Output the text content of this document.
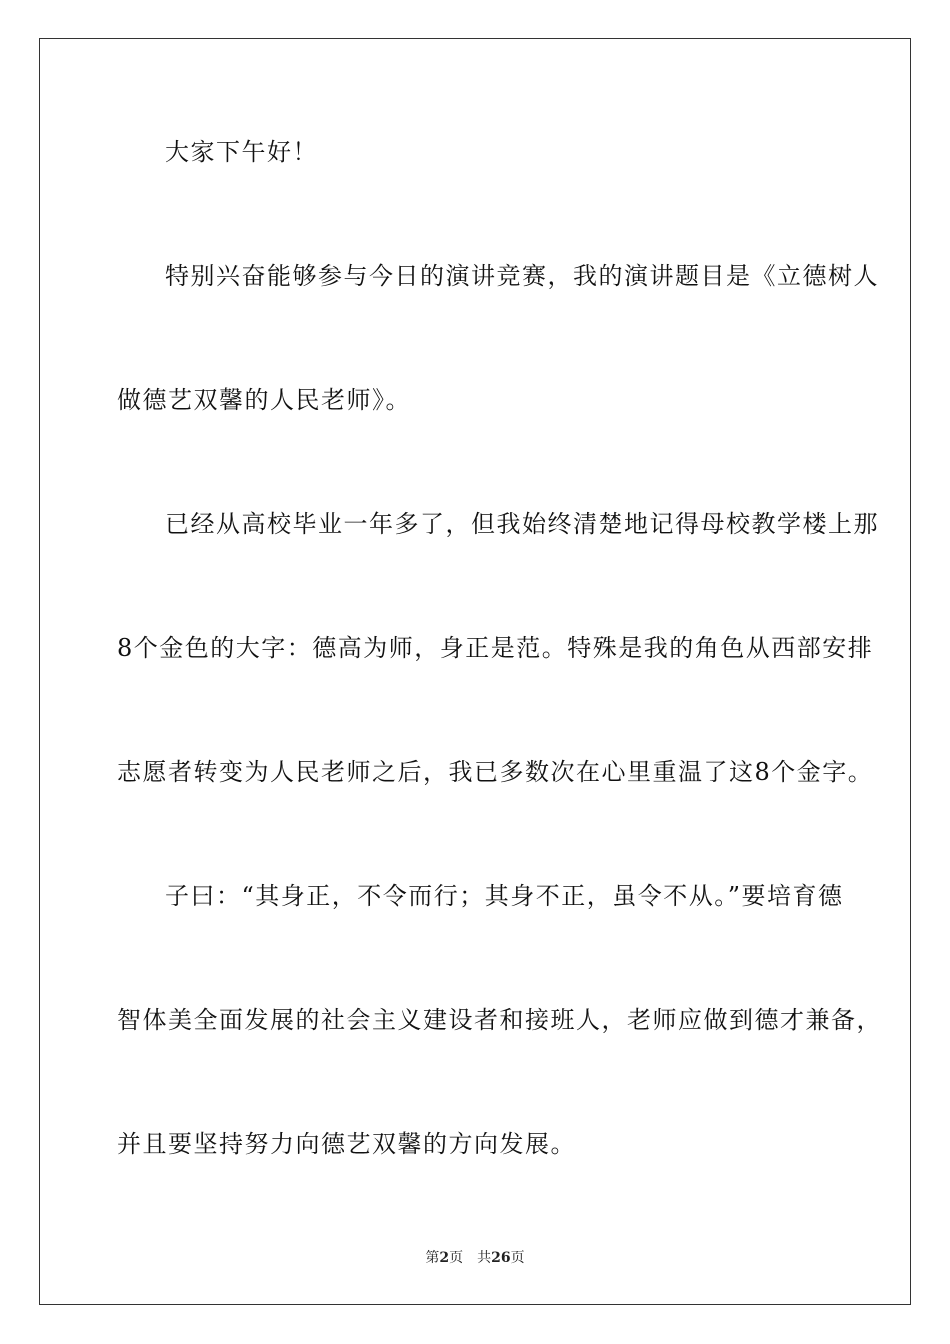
大家下午好！
特别兴奋能够参与今日的演讲竞赛，我的演讲题目是《立德树人
做德艺双馨的人民老师》。
已经从高校毕业一年多了，但我始终清楚地记得母校教学楼上那
8个金色的大字：德高为师，身正是范。特殊是我的角色从西部安排
志愿者转变为人民老师之后，我已多数次在心里重温了这8个金字。
子曰：“其身正，不令而行；其身不正，虽令不从。”要培育德
智体美全面发展的社会主义建设者和接班人，老师应做到德才兼备，
并且要坚持努力向德艺双馨的方向发展。
第2页 共26页
